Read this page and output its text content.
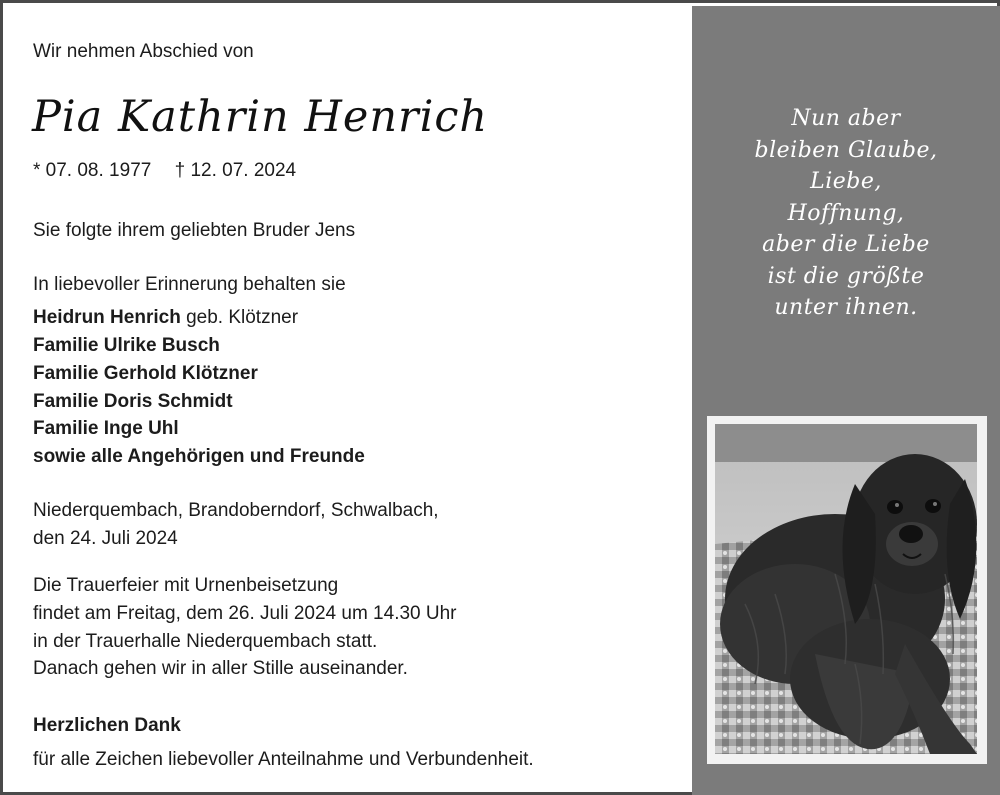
Wir nehmen Abschied von
Pia Kathrin Henrich
* 07. 08. 1977 † 12. 07. 2024
Sie folgte ihrem geliebten Bruder Jens
In liebevoller Erinnerung behalten sie
Heidrun Henrich geb. Klötzner
Familie Ulrike Busch
Familie Gerhold Klötzner
Familie Doris Schmidt
Familie Inge Uhl
sowie alle Angehörigen und Freunde
Niederquembach, Brandoberndorf, Schwalbach,
den 24. Juli 2024
Die Trauerfeier mit Urnenbeisetzung
findet am Freitag, dem 26. Juli 2024 um 14.30 Uhr
in der Trauerhalle Niederquembach statt.
Danach gehen wir in aller Stille auseinander.
Herzlichen Dank
für alle Zeichen liebevoller Anteilnahme und Verbundenheit.
Nun aber
bleiben Glaube,
Liebe,
Hoffnung,
aber die Liebe
ist die größte
unter ihnen.
